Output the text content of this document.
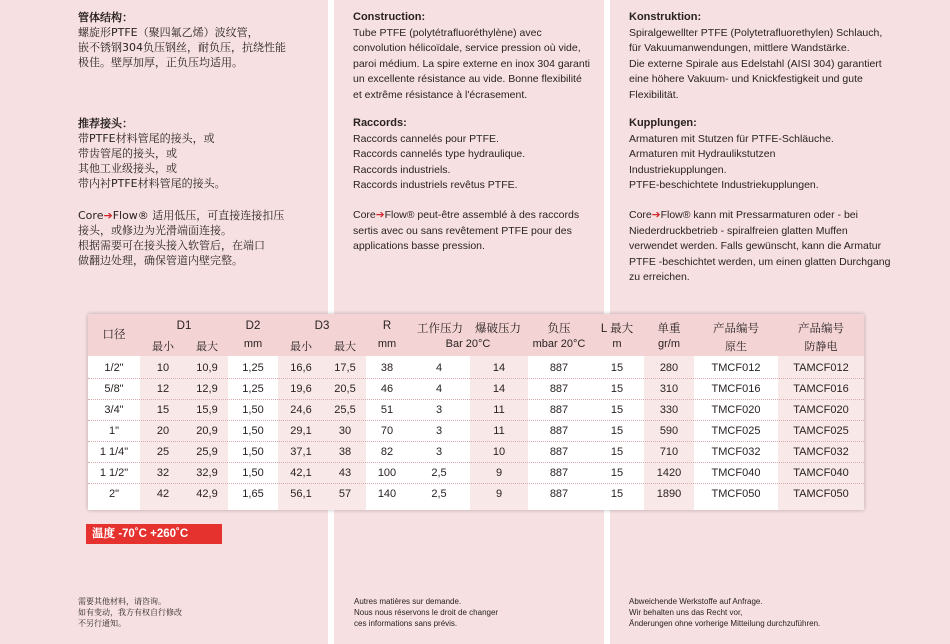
管体结构：

螺旋形PTFE（聚四氟乙烯）波纹管，
嵌不锈钢304负压钢丝，耐负压，抗绕性能
极佳。壁厚加厚，正负压均适用。

推荐接头：

带PTFE材料管尾的接头，或
带齿管尾的接头，或
其他工业级接头，或
带内衬PTFE材料管尾的接头。
Core➔Flow® 适用低压，可直接连接扣压
接头，或修边为光滑端面连接。
根据需要可在接头接入软管后，在端口
做翻边处理，确保管道内壁完整。

Construction:

Tube PTFE (polytétrafluoréthylène) avec
convolution hélicoïdale, service pression où vide,
paroi médium. La spire externe en inox 304 garanti
un excellente résistance au vide. Bonne flexibilité
et extrême résistance à l'écrasement.

Raccords:

Raccords cannelés pour PTFE.
Raccords cannelés type hydraulique.
Raccords industriels.
Raccords industriels revêtus PTFE.
Core➔Flow® peut-être assemblé à des raccords
sertis avec ou sans revêtement PTFE pour des
applications basse pression.

Konstruktion:

Spiralgewellter PTFE (Polytetrafluorethylen) Schlauch,
für Vakuumanwendungen, mittlere Wandstärke.
Die externe Spirale aus Edelstahl (AISI 304) garantiert
eine höhere Vakuum- und Knickfestigkeit und gute
Flexibilität.

Kupplungen:

Armaturen mit Stutzen für PTFE-Schläuche.
Armaturen mit Hydraulikstutzen
Industriekupplungen.
PTFE-beschichtete Industriekupplungen.
Core➔Flow® kann mit Pressarmaturen oder - bei
Niederdruckbetrieb - spiralfreien glatten Muffen
verwendet werden. Falls gewünscht, kann die Armatur
PTFE -beschichtet werden, um einen glatten Durchgang
zu erreichen.
口径
D1	D2	D3	R	工作压力	爆破压力	负压	L 最大	单重	产品编号	产品编号
最小	最大	mm	最小	最大	mm	Bar 20°C	mbar 20°C	m	gr/m	原生	防静电
1/2"	10	10,9	1,25	16,6	17,5	38	4	14	887	15	280	TMCF012	TAMCF012
5/8"	12	12,9	1,25	19,6	20,5	46	4	14	887	15	310	TMCF016	TAMCF016
3/4"	15	15,9	1,50	24,6	25,5	51	3	11	887	15	330	TMCF020	TAMCF020
1"	20	20,9	1,50	29,1	30	70	3	11	887	15	590	TMCF025	TAMCF025
1 1/4"	25	25,9	1,50	37,1	38	82	3	10	887	15	710	TMCF032	TAMCF032
1 1/2"	32	32,9	1,50	42,1	43	100	2,5	9	887	15	1420	TMCF040	TAMCF040
2"	42	42,9	1,65	56,1	57	140	2,5	9	887	15	1890	TMCF050	TAMCF050
温度 -70˚C +260˚C
需要其他材料，请咨询。
如有变动，我方有权自行修改
不另行通知。
Autres matières sur demande.
Nous nous réservons le droit de changer
ces informations sans prévis.
Abweichende Werkstoffe auf Anfrage.
Wir behalten uns das Recht vor,
Änderungen ohne vorherige Mitteilung durchzuführen.
